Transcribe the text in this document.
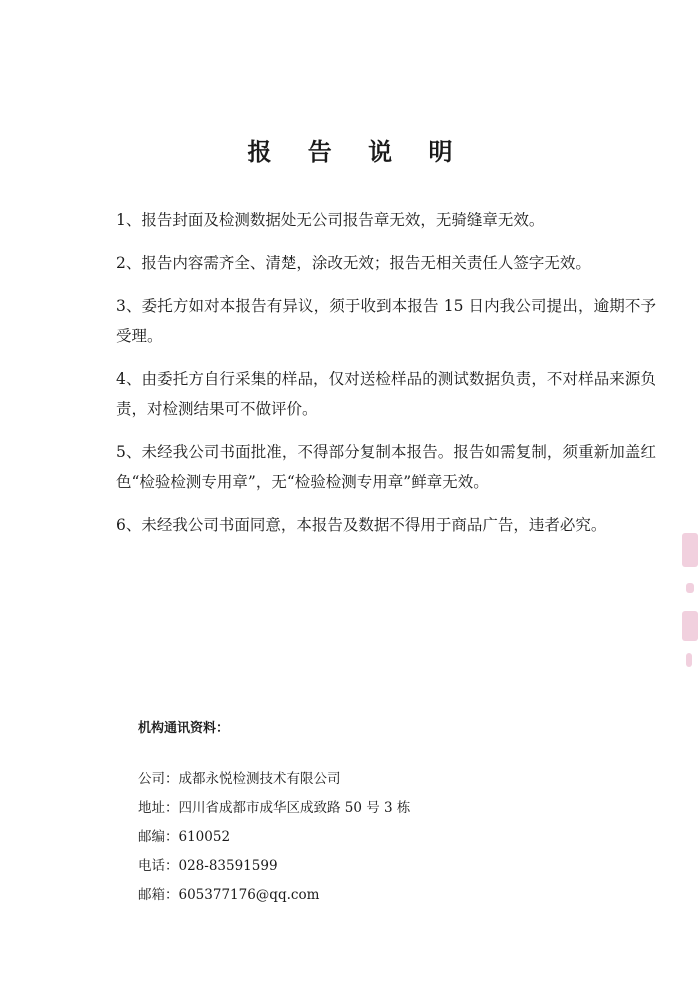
报 告 说 明
1、报告封面及检测数据处无公司报告章无效，无骑缝章无效。
2、报告内容需齐全、清楚，涂改无效；报告无相关责任人签字无效。
3、委托方如对本报告有异议，须于收到本报告 15 日内我公司提出，逾期不予受理。
4、由委托方自行采集的样品，仅对送检样品的测试数据负责，不对样品来源负责，对检测结果可不做评价。
5、未经我公司书面批准，不得部分复制本报告。报告如需复制，须重新加盖红色“检验检测专用章”，无“检验检测专用章”鲜章无效。
6、未经我公司书面同意，本报告及数据不得用于商品广告，违者必究。
机构通讯资料：
公司：成都永悦检测技术有限公司
地址：四川省成都市成华区成致路 50 号 3 栋
邮编：610052
电话：028-83591599
邮箱：605377176@qq.com
